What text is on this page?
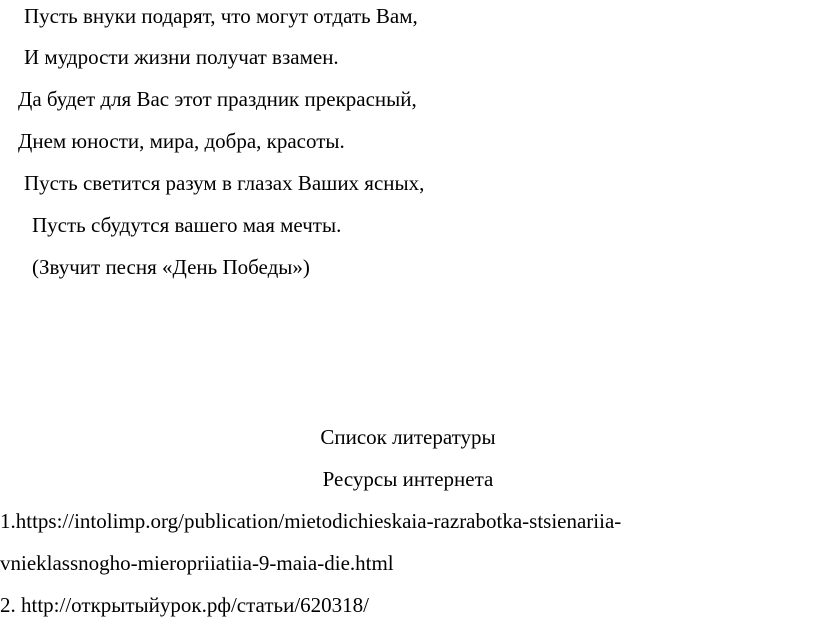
Пусть внуки подарят, что могут отдать Вам,

И мудрости жизни получат взамен.

Да будет для Вас этот праздник прекрасный,

Днем юности, мира, добра, красоты.

Пусть светится разум в глазах Ваших ясных,

Пусть сбудутся вашего мая мечты.

(Звучит песня «День Победы»)

Список литературы

Ресурсы интернета

1.https://intolimp.org/publication/mietodichieskaia-razrabotka-stsienariia-

vnieklassnogho-mieropriiatiia-9-maia-die.html

2. http://открытыйурок.рф/статьи/620318/
